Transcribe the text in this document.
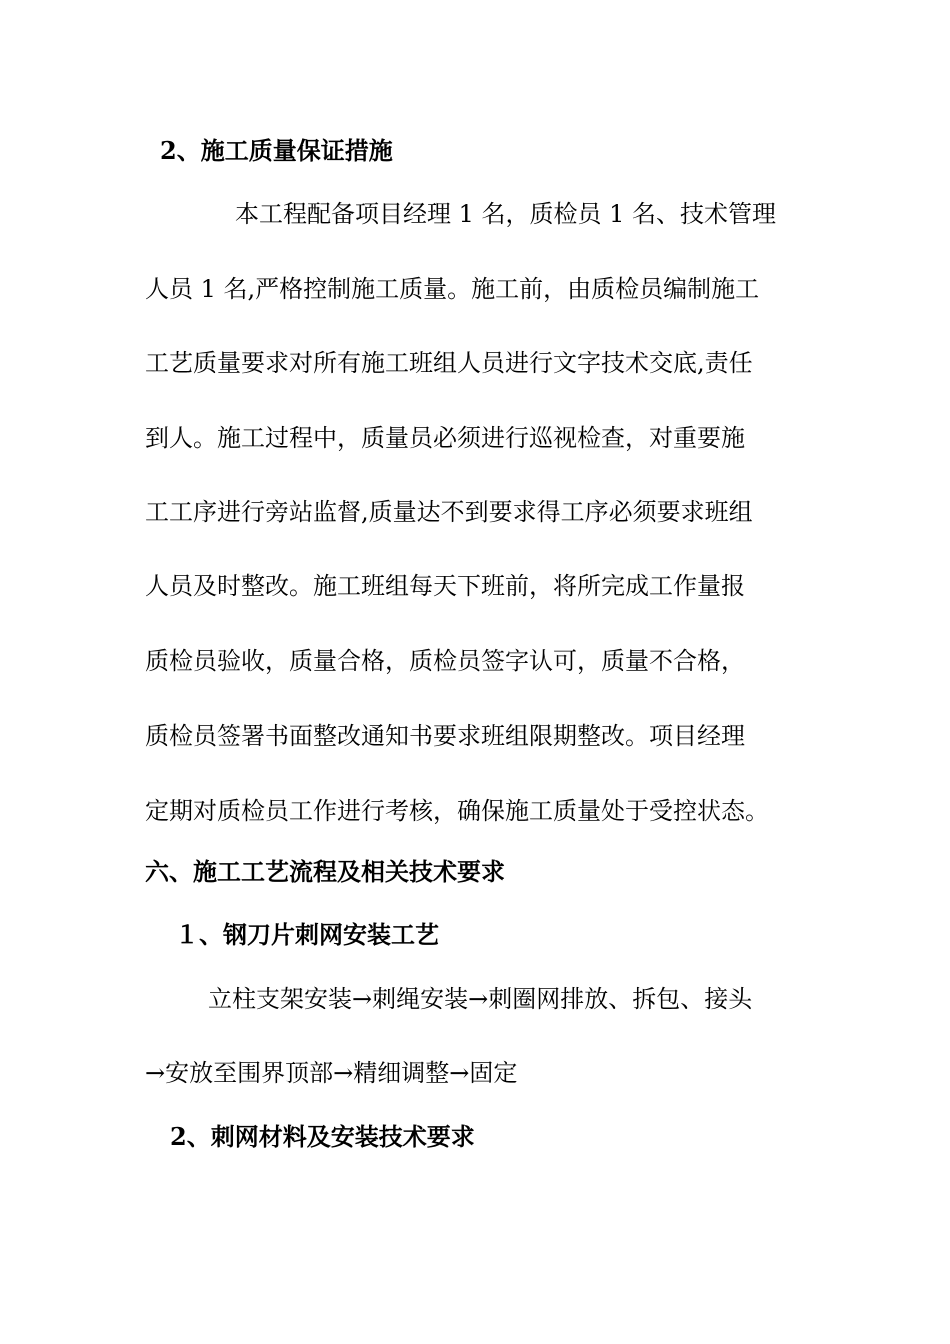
2、施工质量保证措施
本工程配备项目经理 1 名，质检员 1 名、技术管理
人员 1 名,严格控制施工质量。施工前，由质检员编制施工
工艺质量要求对所有施工班组人员进行文字技术交底,责任
到人。施工过程中，质量员必须进行巡视检查，对重要施
工工序进行旁站监督,质量达不到要求得工序必须要求班组
人员及时整改。施工班组每天下班前，将所完成工作量报
质检员验收，质量合格，质检员签字认可，质量不合格，
质检员签署书面整改通知书要求班组限期整改。项目经理
定期对质检员工作进行考核，确保施工质量处于受控状态。
六、施工工艺流程及相关技术要求
１、钢刀片刺网安装工艺
立柱支架安装→刺绳安装→刺圈网排放、拆包、接头
→安放至围界顶部→精细调整→固定
2、刺网材料及安装技术要求
